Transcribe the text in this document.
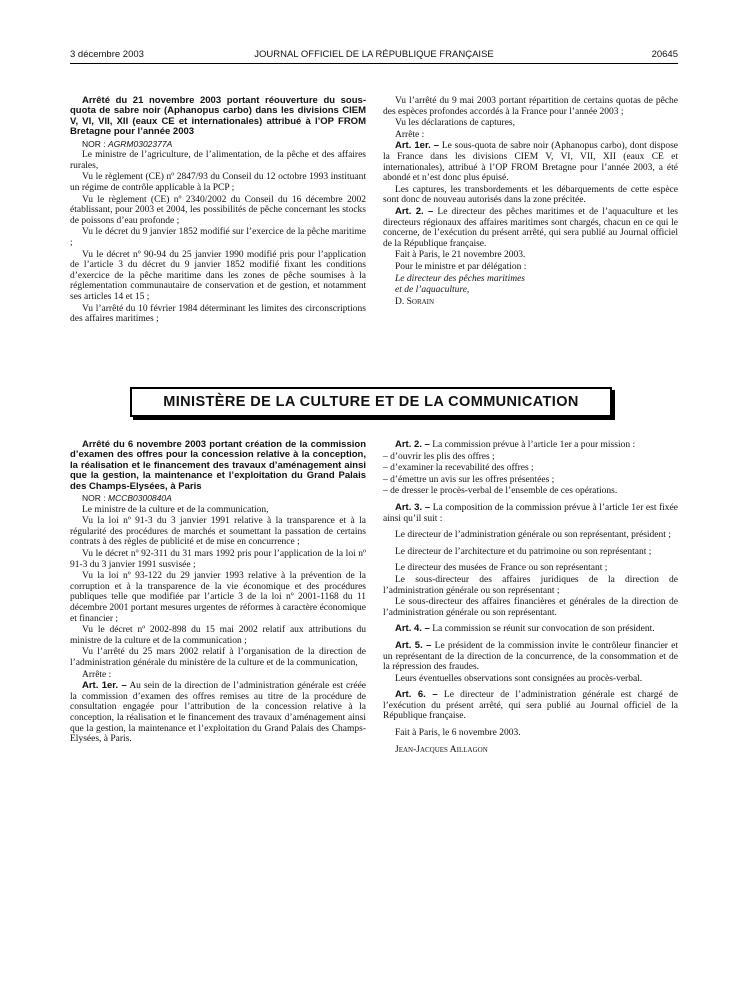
3 décembre 2003	JOURNAL OFFICIEL DE LA RÉPUBLIQUE FRANÇAISE	20645

Arrêté du 21 novembre 2003 portant réouverture du sous-quota de sabre noir (Aphanopus carbo) dans les divisions CIEM V, VI, VII, XII (eaux CE et internationales) attribué à l’OP FROM Bretagne pour l’année 2003

NOR : AGRM0302377A

Le ministre de l’agriculture, de l’alimentation, de la pêche et des affaires rurales,

Vu le règlement (CE) nº 2847/93 du Conseil du 12 octobre 1993 instituant un régime de contrôle applicable à la PCP ;

Vu le règlement (CE) nº 2340/2002 du Conseil du 16 décembre 2002 établissant, pour 2003 et 2004, les possibilités de pêche concernant les stocks de poissons d’eau profonde ;

Vu le décret du 9 janvier 1852 modifié sur l’exercice de la pêche maritime ;

Vu le décret nº 90-94 du 25 janvier 1990 modifié pris pour l’application de l’article 3 du décret du 9 janvier 1852 modifié fixant les conditions d’exercice de la pêche maritime dans les zones de pêche soumises à la réglementation communautaire de conservation et de gestion, et notamment ses articles 14 et 15 ;

Vu l’arrêté du 10 février 1984 déterminant les limites des circonscriptions des affaires maritimes ;

Vu l’arrêté du 9 mai 2003 portant répartition de certains quotas de pêche des espèces profondes accordés à la France pour l’année 2003 ;

Vu les déclarations de captures,

Arrête :

Art. 1er. – Le sous-quota de sabre noir (Aphanopus carbo), dont dispose la France dans les divisions CIEM V, VI, VII, XII (eaux CE et internationales), attribué à l’OP FROM Bretagne pour l’année 2003, a été abondé et n’est donc plus épuisé.

Les captures, les transbordements et les débarquements de cette espèce sont donc de nouveau autorisés dans la zone précitée.

Art. 2. – Le directeur des pêches maritimes et de l’aquaculture et les directeurs régionaux des affaires maritimes sont chargés, chacun en ce qui le concerne, de l’exécution du présent arrêté, qui sera publié au Journal officiel de la République française.

Fait à Paris, le 21 novembre 2003.

Pour le ministre et par délégation :

Le directeur des pêches maritimes

et de l’aquaculture,

D. Sorain

MINISTÈRE DE LA CULTURE ET DE LA COMMUNICATION

Arrêté du 6 novembre 2003 portant création de la commission d’examen des offres pour la concession relative à la conception, la réalisation et le financement des travaux d’aménagement ainsi que la gestion, la maintenance et l’exploitation du Grand Palais des Champs-Elysées, à Paris

NOR : MCCB0300840A

Le ministre de la culture et de la communication,

Vu la loi nº 91-3 du 3 janvier 1991 relative à la transparence et à la régularité des procédures de marchés et soumettant la passation de certains contrats à des règles de publicité et de mise en concurrence ;

Vu le décret nº 92-311 du 31 mars 1992 pris pour l’application de la loi nº 91-3 du 3 janvier 1991 susvisée ;

Vu la loi nº 93-122 du 29 janvier 1993 relative à la prévention de la corruption et à la transparence de la vie économique et des procédures publiques telle que modifiée par l’article 3 de la loi nº 2001-1168 du 11 décembre 2001 portant mesures urgentes de réformes à caractère économique et financier ;

Vu le décret nº 2002-898 du 15 mai 2002 relatif aux attributions du ministre de la culture et de la communication ;

Vu l’arrêté du 25 mars 2002 relatif à l’organisation de la direction de l’administration générale du ministère de la culture et de la communication,

Arrête :

Art. 1er. – Au sein de la direction de l’administration générale est créée la commission d’examen des offres remises au titre de la procédure de consultation engagée pour l’attribution de la concession relative à la conception, la réalisation et le financement des travaux d’aménagement ainsi que la gestion, la maintenance et l’exploitation du Grand Palais des Champs-Elysées, à Paris.

Art. 2. – La commission prévue à l’article 1er a pour mission :

– d’ouvrir les plis des offres ;

– d’examiner la recevabilité des offres ;

– d’émettre un avis sur les offres présentées ;

– de dresser le procès-verbal de l’ensemble de ces opérations.

Art. 3. – La composition de la commission prévue à l’article 1er est fixée ainsi qu’il suit :

Le directeur de l’administration générale ou son représentant, président ;

Le directeur de l’architecture et du patrimoine ou son représentant ;

Le directeur des musées de France ou son représentant ;

Le sous-directeur des affaires juridiques de la direction de l’administration générale ou son représentant ;

Le sous-directeur des affaires financières et générales de la direction de l’administration générale ou son représentant.

Art. 4. – La commission se réunit sur convocation de son président.

Art. 5. – Le président de la commission invite le contrôleur financier et un représentant de la direction de la concurrence, de la consommation et de la répression des fraudes.

Leurs éventuelles observations sont consignées au procès-verbal.

Art. 6. – Le directeur de l’administration générale est chargé de l’exécution du présent arrêté, qui sera publié au Journal officiel de la République française.

Fait à Paris, le 6 novembre 2003.

Jean-Jacques Aillagon
